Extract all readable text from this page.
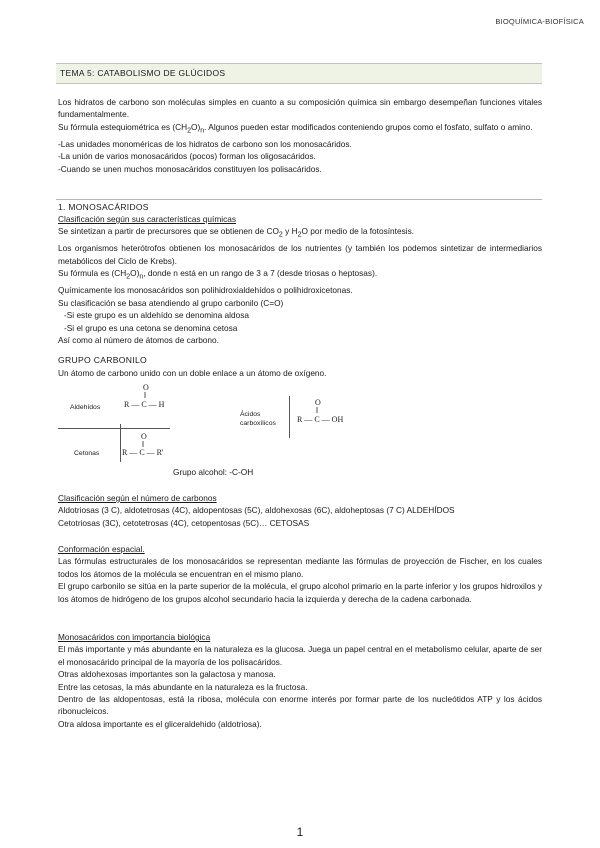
BIOQUÍMICA-BIOFÍSICA
TEMA 5: CATABOLISMO DE GLÚCIDOS

Los hidratos de carbono son moléculas simples en cuanto a su composición química sin embargo desempeñan funciones vitales fundamentalmente.

Su fórmula estequiométrica es $(CH_2O)_n$. Algunos pueden estar modificados conteniendo grupos como el fosfato, sulfato o amino.

-Las unidades monoméricas de los hidratos de carbono son los monosacáridos.

-La unión de varios monosacáridos (pocos) forman los oligosacáridos.

-Cuando se unen muchos monosacáridos constituyen los polisacáridos.

1. MONOSACÁRIDOS

Clasificación según sus características químicas

Se sintetizan a partir de precursores que se obtienen de $CO_2$ y $H_2O$ por medio de la fotosíntesis.

Los organismos heterótrofos obtienen los monosacáridos de los nutrientes (y también los podemos sintetizar de intermediarios metabólicos del Ciclo de Krebs).

Su fórmula es $(CH_2O)_n$, donde n está en un rango de 3 a 7 (desde triosas o heptosas).

Químicamente los monosacáridos son polihidroxialdehídos o polihidroxicetonas.

Su clasificación se basa atendiendo al grupo carbonilo (C=O)

-Si este grupo es un aldehído se denomina aldosa

-Si el grupo es una cetona se denomina cetosa

Así como al número de átomos de carbono.

GRUPO CARBONILO
Un átomo de carbono unido con un doble enlace a un átomo de oxígeno.
Aldehídos
O
‖
R — C — H
Cetonas
O
‖
R — C — R'
Ácidos
carboxílicos
O
‖
R — C — OH
Grupo alcohol: -C-OH

Clasificación según el número de carbonos

Aldotriosas (3 C), aldotetrosas (4C), aldopentosas (5C), aldohexosas (6C), aldoheptosas (7 C) ALDEHÍDOS

Cetotriosas (3C), cetotetrosas (4C), cetopentosas (5C)… CETOSAS

Conformación espacial.

Las fórmulas estructurales de los monosacáridos se representan mediante las fórmulas de proyección de Fischer, en los cuales todos los átomos de la molécula se encuentran en el mismo plano.

El grupo carbonilo se sitúa en la parte superior de la molécula, el grupo alcohol primario en la parte inferior y los grupos hidroxilos y los átomos de hidrógeno de los grupos alcohol secundario hacia la izquierda y derecha de la cadena carbonada.

Monosacáridos con importancia biológica

El más importante y más abundante en la naturaleza es la glucosa. Juega un papel central en el metabolismo celular, aparte de ser el monosacárido principal de la mayoría de los polisacáridos.

Otras aldohexosas importantes son la galactosa y manosa.

Entre las cetosas, la más abundante en la naturaleza es la fructosa.

Dentro de las aldopentosas, está la ribosa, molécula con enorme interés por formar parte de los nucleótidos ATP y los ácidos ribonucleicos.

Otra aldosa importante es el gliceraldehido (aldotriosa).

1
